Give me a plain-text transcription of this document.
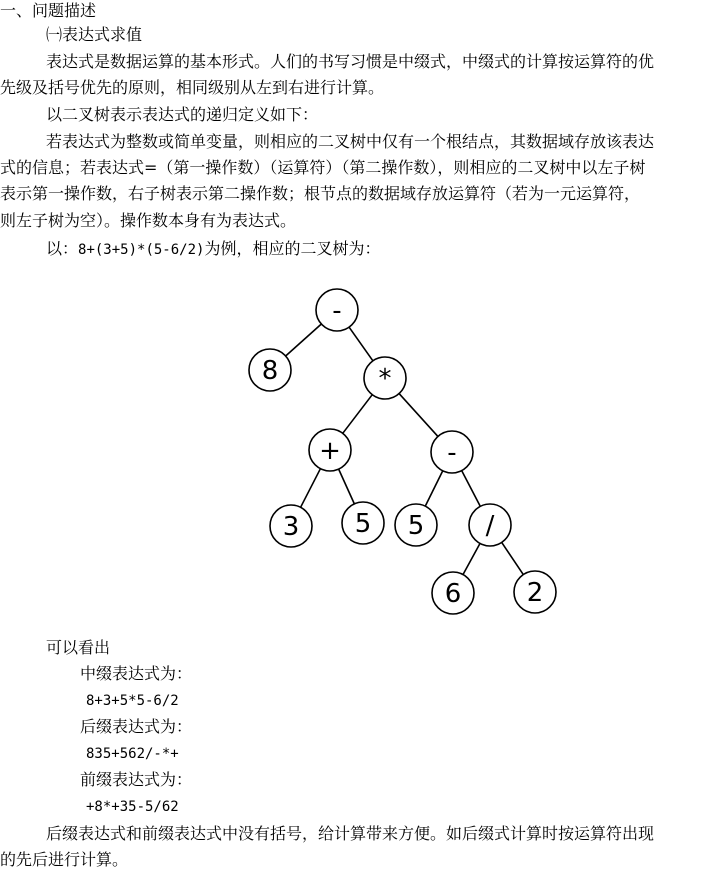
一、问题描述
㈠表达式求值
表达式是数据运算的基本形式。人们的书写习惯是中缀式，中缀式的计算按运算符的优
先级及括号优先的原则，相同级别从左到右进行计算。
以二叉树表示表达式的递归定义如下：
若表达式为整数或简单变量，则相应的二叉树中仅有一个根结点，其数据域存放该表达
式的信息；若表达式=（第一操作数）（运算符）（第二操作数），则相应的二叉树中以左子树
表示第一操作数，右子树表示第二操作数；根节点的数据域存放运算符（若为一元运算符，
则左子树为空）。操作数本身有为表达式。
以：8+(3+5)*(5-6/2)为例，相应的二叉树为：
-
8	*
+	-
3 5 5 /
6	2
可以看出
中缀表达式为：
8+3+5*5-6/2
后缀表达式为：
835+562/-*+
前缀表达式为：
+8*+35-5/62
后缀表达式和前缀表达式中没有括号，给计算带来方便。如后缀式计算时按运算符出现
的先后进行计算。
